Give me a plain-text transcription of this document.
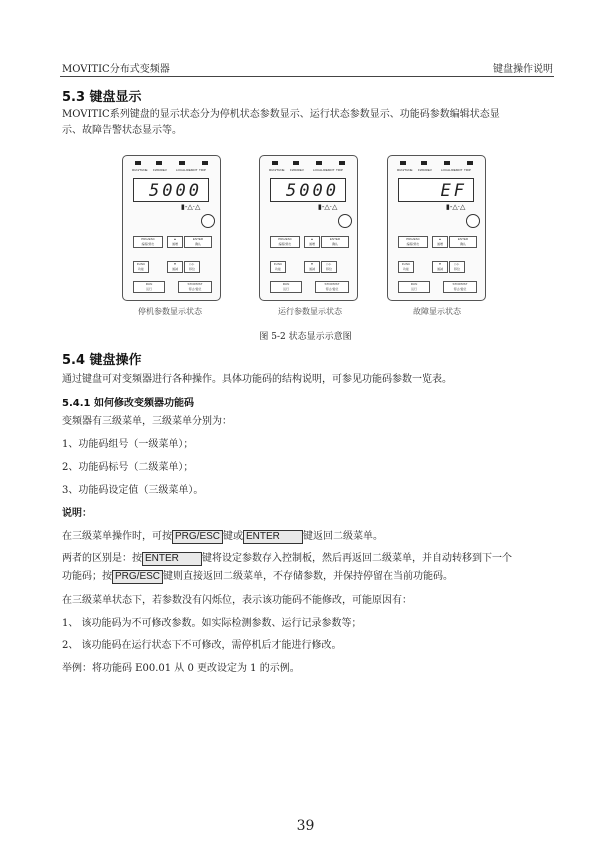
MOVITIC分布式变频器	键盘操作说明
5.3 键盘显示
MOVITIC系列键盘的显示状态分为停机状态参数显示、运行状态参数显示、功能码参数编辑状态显
示、故障告警状态显示等。
RUN/TUNE FWD/REV	LOCAL/REMOT TRIP
5000
▮-△·△
PRG/ESC
编程/退出
▲
递增
ENTER
确认
FUNC
功能
▼
递减
▷▷
移位
RUN
运行
STOP/RST
停止/复位
停机参数显示状态
RUN/TUNE FWD/REV	LOCAL/REMOT TRIP
5000
▮-△·△
PRG/ESC
编程/退出
▲
递增
ENTER
确认
FUNC
功能
▼
递减
▷▷
移位
RUN
运行
STOP/RST
停止/复位
运行参数显示状态
RUN/TUNE FWD/REV	LOCAL/REMOT TRIP
EF
▮-△·△
PRG/ESC
编程/退出
▲
递增
ENTER
确认
FUNC
功能
▼
递减
▷▷
移位
RUN
运行
STOP/RST
停止/复位
故障显示状态
图 5-2 状态显示示意图
5.4 键盘操作
通过键盘可对变频器进行各种操作。具体功能码的结构说明，可参见功能码参数一览表。
5.4.1 如何修改变频器功能码
变频器有三级菜单，三级菜单分别为：
1、功能码组号（一级菜单）；
2、功能码标号（二级菜单）；
3、功能码设定值（三级菜单）。
说明：
在三级菜单操作时，可按 PRG/ESC 键或 ENTER 键返回二级菜单。
两者的区别是：按 ENTER 键将设定参数存入控制板，然后再返回二级菜单，并自动转移到下一个
功能码；按 PRG/ESC 键则直接返回二级菜单，不存储参数，并保持停留在当前功能码。
在三级菜单状态下，若参数没有闪烁位，表示该功能码不能修改，可能原因有：
1、 该功能码为不可修改参数。如实际检测参数、运行记录参数等；
2、 该功能码在运行状态下不可修改，需停机后才能进行修改。
举例：将功能码 E00.01 从 0 更改设定为 1 的示例。
39
